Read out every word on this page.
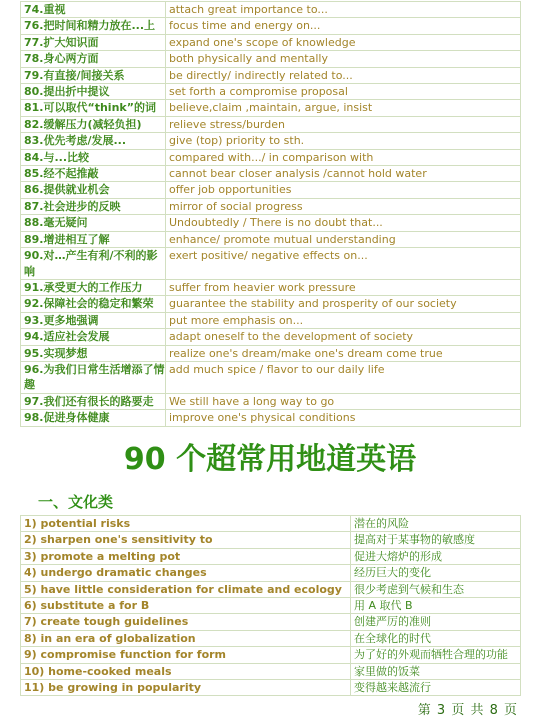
74.重视	attach great importance to...
76.把时间和精力放在...上	focus time and energy on...
77.扩大知识面	expand one's scope of knowledge
78.身心两方面	both physically and mentally
79.有直接/间接关系	be directly/ indirectly related to...
80.提出折中提议	set forth a compromise proposal
81.可以取代“think”的词	believe,claim ,maintain, argue, insist
82.缓解压力(减轻负担)	relieve stress/burden
83.优先考虑/发展...	give (top) priority to sth.
84.与...比较	compared with.../ in comparison with
85.经不起推敲	cannot bear closer analysis /cannot hold water
86.提供就业机会	offer job opportunities
87.社会进步的反映	mirror of social progress
88.毫无疑问	Undoubtedly / There is no doubt that...
89.增进相互了解	enhance/ promote mutual understanding
90.对…产生有利/不利的影响	exert positive/ negative effects on...
91.承受更大的工作压力	suffer from heavier work pressure
92.保障社会的稳定和繁荣	guarantee the stability and prosperity of our society
93.更多地强调	put more emphasis on...
94.适应社会发展	adapt oneself to the development of society
95.实现梦想	realize one's dream/make one's dream come true
96.为我们日常生活增添了情趣	add much spice / flavor to our daily life
97.我们还有很长的路要走	We still have a long way to go
98.促进身体健康	improve one's physical conditions
90 个超常用地道英语
一、文化类
1) potential risks	潜在的风险
2) sharpen one's sensitivity to	提高对于某事物的敏感度
3) promote a melting pot	促进大熔炉的形成
4) undergo dramatic changes	经历巨大的变化
5) have little consideration for climate and ecology	很少考虑到气候和生态
6) substitute a for B	用 A 取代 B
7) create tough guidelines	创建严厉的准则
8) in an era of globalization	在全球化的时代
9) compromise function for form	为了好的外观而牺牲合理的功能
10) home-cooked meals	家里做的饭菜
11) be growing in popularity	变得越来越流行
第 3 页 共 8 页
